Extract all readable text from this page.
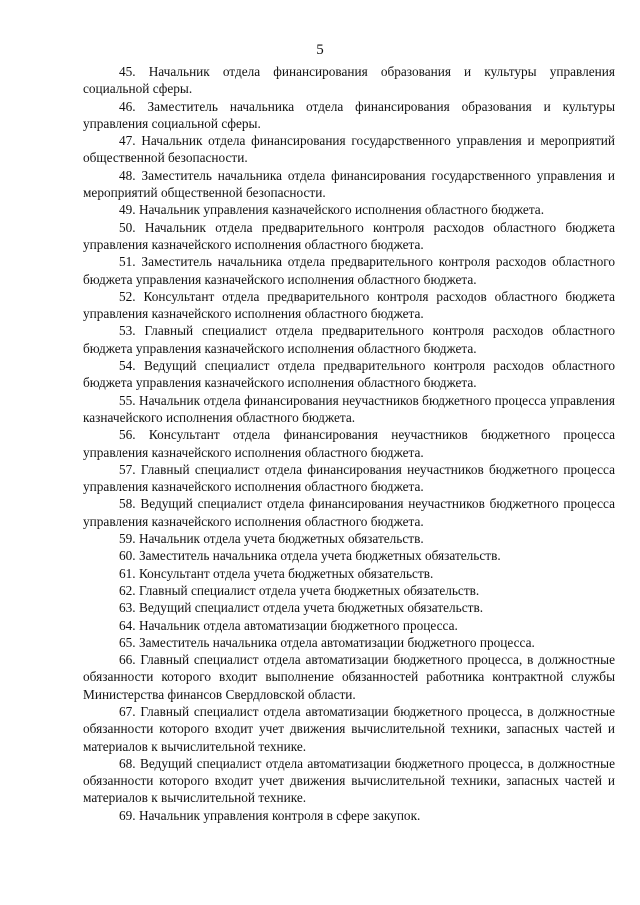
5

45. Начальник отдела финансирования образования и культуры управления социальной сферы.

46. Заместитель начальника отдела финансирования образования и культуры управления социальной сферы.

47. Начальник отдела финансирования государственного управления и мероприятий общественной безопасности.

48. Заместитель начальника отдела финансирования государственного управления и мероприятий общественной безопасности.

49. Начальник управления казначейского исполнения областного бюджета.

50. Начальник отдела предварительного контроля расходов областного бюджета управления казначейского исполнения областного бюджета.

51. Заместитель начальника отдела предварительного контроля расходов областного бюджета управления казначейского исполнения областного бюджета.

52. Консультант отдела предварительного контроля расходов областного бюджета управления казначейского исполнения областного бюджета.

53. Главный специалист отдела предварительного контроля расходов областного бюджета управления казначейского исполнения областного бюджета.

54. Ведущий специалист отдела предварительного контроля расходов областного бюджета управления казначейского исполнения областного бюджета.

55. Начальник отдела финансирования неучастников бюджетного процесса управления казначейского исполнения областного бюджета.

56. Консультант отдела финансирования неучастников бюджетного процесса управления казначейского исполнения областного бюджета.

57. Главный специалист отдела финансирования неучастников бюджетного процесса управления казначейского исполнения областного бюджета.

58. Ведущий специалист отдела финансирования неучастников бюджетного процесса управления казначейского исполнения областного бюджета.

59. Начальник отдела учета бюджетных обязательств.

60. Заместитель начальника отдела учета бюджетных обязательств.

61. Консультант отдела учета бюджетных обязательств.

62. Главный специалист отдела учета бюджетных обязательств.

63. Ведущий специалист отдела учета бюджетных обязательств.

64. Начальник отдела автоматизации бюджетного процесса.

65. Заместитель начальника отдела автоматизации бюджетного процесса.

66. Главный специалист отдела автоматизации бюджетного процесса, в должностные обязанности которого входит выполнение обязанностей работника контрактной службы Министерства финансов Свердловской области.

67. Главный специалист отдела автоматизации бюджетного процесса, в должностные обязанности которого входит учет движения вычислительной техники, запасных частей и материалов к вычислительной технике.

68. Ведущий специалист отдела автоматизации бюджетного процесса, в должностные обязанности которого входит учет движения вычислительной техники, запасных частей и материалов к вычислительной технике.

69. Начальник управления контроля в сфере закупок.
